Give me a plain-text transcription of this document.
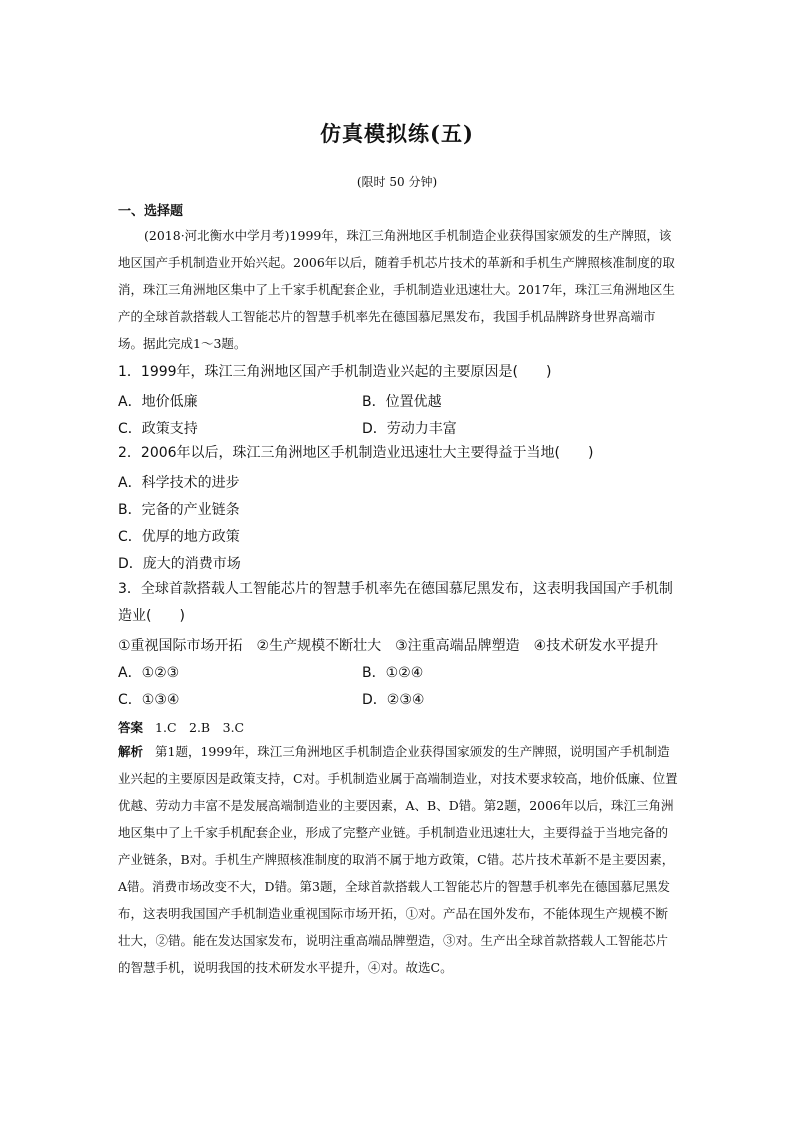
仿真模拟练(五)
(限时 50 分钟)
一、选择题

(2018·河北衡水中学月考)1999年，珠江三角洲地区手机制造企业获得国家颁发的生产牌照，该地区国产手机制造业开始兴起。2006年以后，随着手机芯片技术的革新和手机生产牌照核准制度的取消，珠江三角洲地区集中了上千家手机配套企业，手机制造业迅速壮大。2017年，珠江三角洲地区生产的全球首款搭载人工智能芯片的智慧手机率先在德国慕尼黑发布，我国手机品牌跻身世界高端市场。据此完成1～3题。

1．1999年，珠江三角洲地区国产手机制造业兴起的主要原因是(　　)

A．地价低廉	B．位置优越
C．政策支持	D．劳动力丰富

2．2006年以后，珠江三角洲地区手机制造业迅速壮大主要得益于当地(　　)

A．科学技术的进步
B．完备的产业链条
C．优厚的地方政策
D．庞大的消费市场

3．全球首款搭载人工智能芯片的智慧手机率先在德国慕尼黑发布，这表明我国国产手机制造业(　　)

①重视国际市场开拓　②生产规模不断壮大　③注重高端品牌塑造　④技术研发水平提升
A．①②③	B．①②④
C．①③④	D．②③④
答案 1.C　2.B　3.C

解析 第1题，1999年，珠江三角洲地区手机制造企业获得国家颁发的生产牌照，说明国产手机制造业兴起的主要原因是政策支持，C对。手机制造业属于高端制造业，对技术要求较高，地价低廉、位置优越、劳动力丰富不是发展高端制造业的主要因素，A、B、D错。第2题，2006年以后，珠江三角洲地区集中了上千家手机配套企业，形成了完整产业链。手机制造业迅速壮大，主要得益于当地完备的产业链条，B对。手机生产牌照核准制度的取消不属于地方政策，C错。芯片技术革新不是主要因素，A错。消费市场改变不大，D错。第3题，全球首款搭载人工智能芯片的智慧手机率先在德国慕尼黑发布，这表明我国国产手机制造业重视国际市场开拓，①对。产品在国外发布，不能体现生产规模不断壮大，②错。能在发达国家发布，说明注重高端品牌塑造，③对。生产出全球首款搭载人工智能芯片的智慧手机，说明我国的技术研发水平提升，④对。故选C。
